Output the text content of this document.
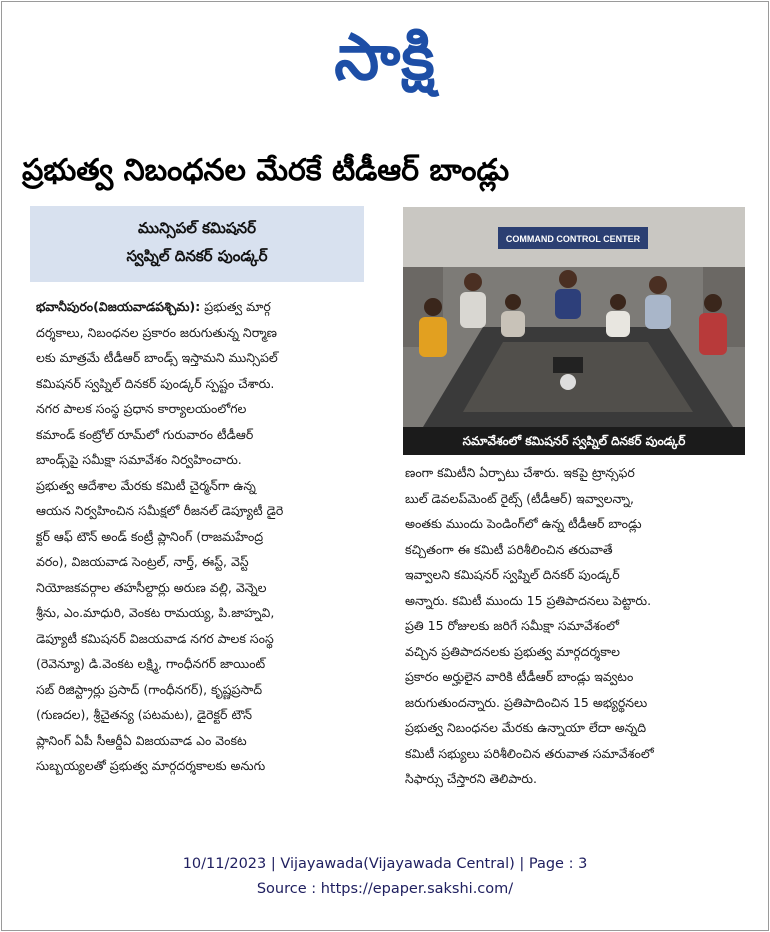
సాక్షి
ప్రభుత్వ నిబంధనల మేరకే టీడీఆర్ బాండ్లు
మున్సిపల్ కమిషనర్
స్వప్నిల్ దినకర్ పుండ్కర్
COMMAND CONTROL CENTER
సమావేశంలో కమిషనర్ స్వప్నిల్ దినకర్ పుండ్కర్
భవానీపురం(విజయవాడపశ్చిమ): ప్రభుత్వ మార్గ
దర్శకాలు, నిబంధనల ప్రకారం జరుగుతున్న నిర్మాణ
లకు మాత్రమే టీడీఆర్ బాండ్స్ ఇస్తామని మున్సిపల్
కమిషనర్ స్వప్నిల్ దినకర్ పుండ్కర్ స్పష్టం చేశారు.
నగర పాలక సంస్థ ప్రధాన కార్యాలయంలోగల
కమాండ్ కంట్రోల్ రూమ్‌లో గురువారం టీడీఆర్
బాండ్స్‌పై సమీక్షా సమావేశం నిర్వహించారు.
ప్రభుత్వ ఆదేశాల మేరకు కమిటీ చైర్మన్‌గా ఉన్న
ఆయన నిర్వహించిన సమీక్షలో రీజనల్ డెప్యూటీ డైరె
క్టర్ ఆఫ్ టౌన్ అండ్ కంట్రీ ప్లానింగ్ (రాజమహేంద్ర
వరం), విజయవాడ సెంట్రల్, నార్త్, ఈస్ట్, వెస్ట్
నియోజకవర్గాల తహసీల్దార్లు అరుణ వల్లి, వెన్నెల
శ్రీను, ఎం.మాధురి, వెంకట రామయ్య, పి.జాహ్నవి,
డెప్యూటీ కమిషనర్ విజయవాడ నగర పాలక సంస్థ
(రెవెన్యూ) డి.వెంకట లక్ష్మి, గాంధీనగర్ జాయింట్
సబ్ రిజిస్ట్రార్లు ప్రసాద్ (గాంధీనగర్), కృష్ణప్రసాద్
(గుణదల), శ్రీచైతన్య (పటమట), డైరెక్టర్ టౌన్
ప్లానింగ్ ఏపీ సీఆర్డీఏ విజయవాడ ఎం వెంకట
సుబ్బయ్యలతో ప్రభుత్వ మార్గదర్శకాలకు అనుగు
ణంగా కమిటీని ఏర్పాటు చేశారు. ఇకపై ట్రాన్సఫర
బుల్ డెవలప్‌మెంట్ రైట్స్ (టీడీఆర్) ఇవ్వాలన్నా,
అంతకు ముందు పెండింగ్‌లో ఉన్న టీడీఆర్ బాండ్లు
కచ్చితంగా ఈ కమిటీ పరిశీలించిన తరువాతే
ఇవ్వాలని కమిషనర్ స్వప్నిల్ దినకర్ పుండ్కర్
అన్నారు. కమిటీ ముందు 15 ప్రతిపాదనలు పెట్టారు.
ప్రతి 15 రోజులకు జరిగే సమీక్షా సమావేశంలో
వచ్చిన ప్రతిపాదనలకు ప్రభుత్వ మార్గదర్శకాల
ప్రకారం అర్హులైన వారికి టీడీఆర్ బాండ్లు ఇవ్వటం
జరుగుతుందన్నారు. ప్రతిపాదించిన 15 అభ్యర్థనలు
ప్రభుత్వ నిబంధనల మేరకు ఉన్నాయా లేదా అన్నది
కమిటీ సభ్యులు పరిశీలించిన తరువాత సమావేశంలో
సిఫార్సు చేస్తారని తెలిపారు.
10/11/2023 | Vijayawada(Vijayawada Central) | Page : 3
Source : https://epaper.sakshi.com/
